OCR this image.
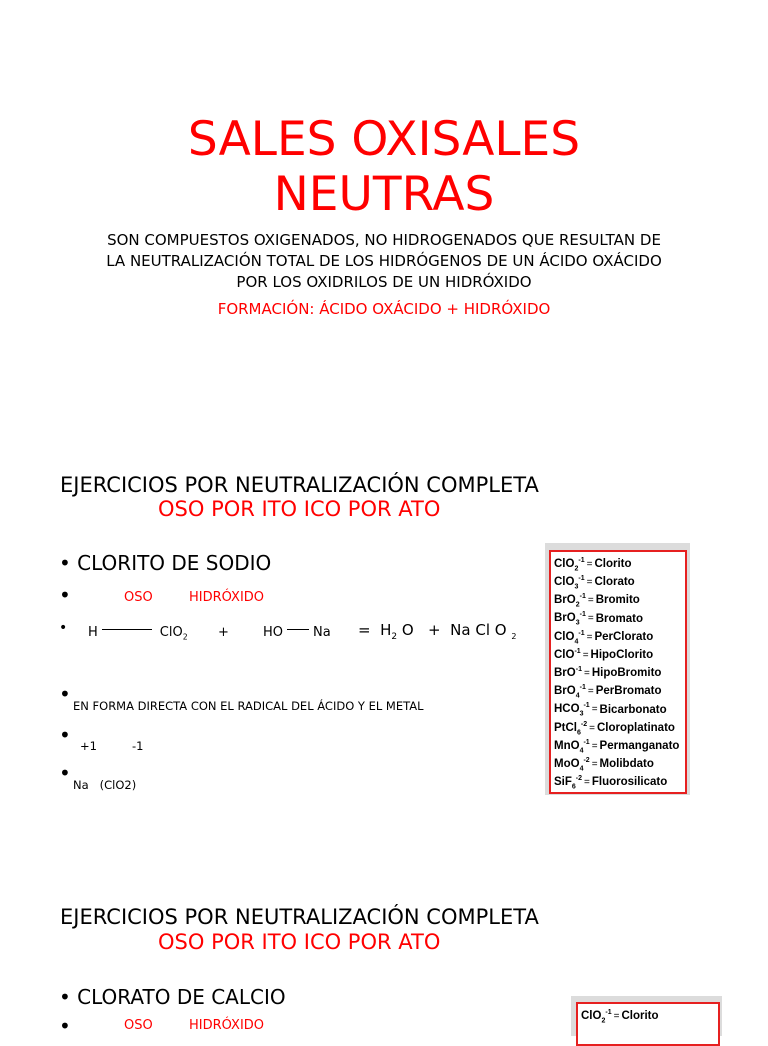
SALES OXISALES
NEUTRAS
SON COMPUESTOS OXIGENADOS, NO HIDROGENADOS QUE RESULTAN DE LA NEUTRALIZACIÓN TOTAL DE LOS HIDRÓGENOS DE UN ÁCIDO OXÁCIDO POR LOS OXIDRILOS DE UN HIDRÓXIDO
FORMACIÓN: ÁCIDO OXÁCIDO + HIDRÓXIDO
EJERCICIOS POR NEUTRALIZACIÓN COMPLETA
OSO POR ITO ICO POR ATO
• CLORITO DE SODIO
•	OSO	HIDRÓXIDO
• H	ClO$_2$ +	HO $Na = H_2$ O + Na Cl O $_2$
• EN FORMA DIRECTA CON EL RADICAL DEL ÁCIDO Y EL METAL
• +1	-1
• Na   (ClO2)
ClO$_2^{-1}$ = Clorito
ClO$_3^{-1}$ = Clorato
BrO$_2^{-1}$ = Bromito
BrO$_3^{-1}$ = Bromato
ClO$_4^{-1}$ = PerClorato
ClO$^{-1}$ = HipoClorito
BrO$^{-1}$ = HipoBromito
BrO$_4^{-1}$ = PerBromato
$HCO_3^{-1}$ = Bicarbonato
PtCl$_6^{-2}$ = Cloroplatinato
MnO$_4^{-1}$ = Permanganato
MoO$_4^{-2}$ = Molibdato
SiF$_6^{-2}$ = Fluorosilicato
EJERCICIOS POR NEUTRALIZACIÓN COMPLETA
OSO POR ITO ICO POR ATO
• CLORATO DE CALCIO
•	OSO	HIDRÓXIDO
ClO$_2^{-1}$ = Clorito
